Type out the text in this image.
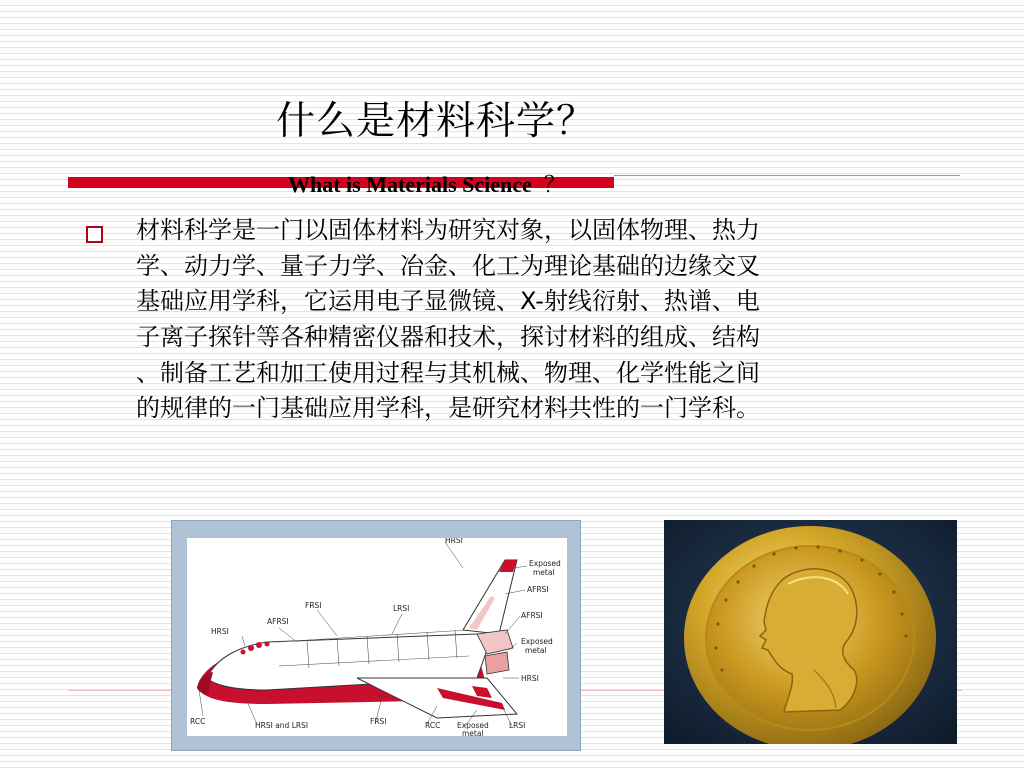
什么是材料科学？

What is Materials Science ？

材料科学是一门以固体材料为研究对象，以固体物理、热力
学、动力学、量子力学、冶金、化工为理论基础的边缘交叉
基础应用学科，它运用电子显微镜、X-射线衍射、热谱、电
子离子探针等各种精密仪器和技术，探讨材料的组成、结构
、制备工艺和加工使用过程与其机械、物理、化学性能之间
的规律的一门基础应用学科，是研究材料共性的一门学科。

HRSI
Exposed
metal
AFRSI
FRSI	LRSI
AFRSI
HRSI
AFRSI
Exposed
metal
HRSI
RCC	HRSI and LRSI	FRSI	RCC Exposed
metal
LRSI
